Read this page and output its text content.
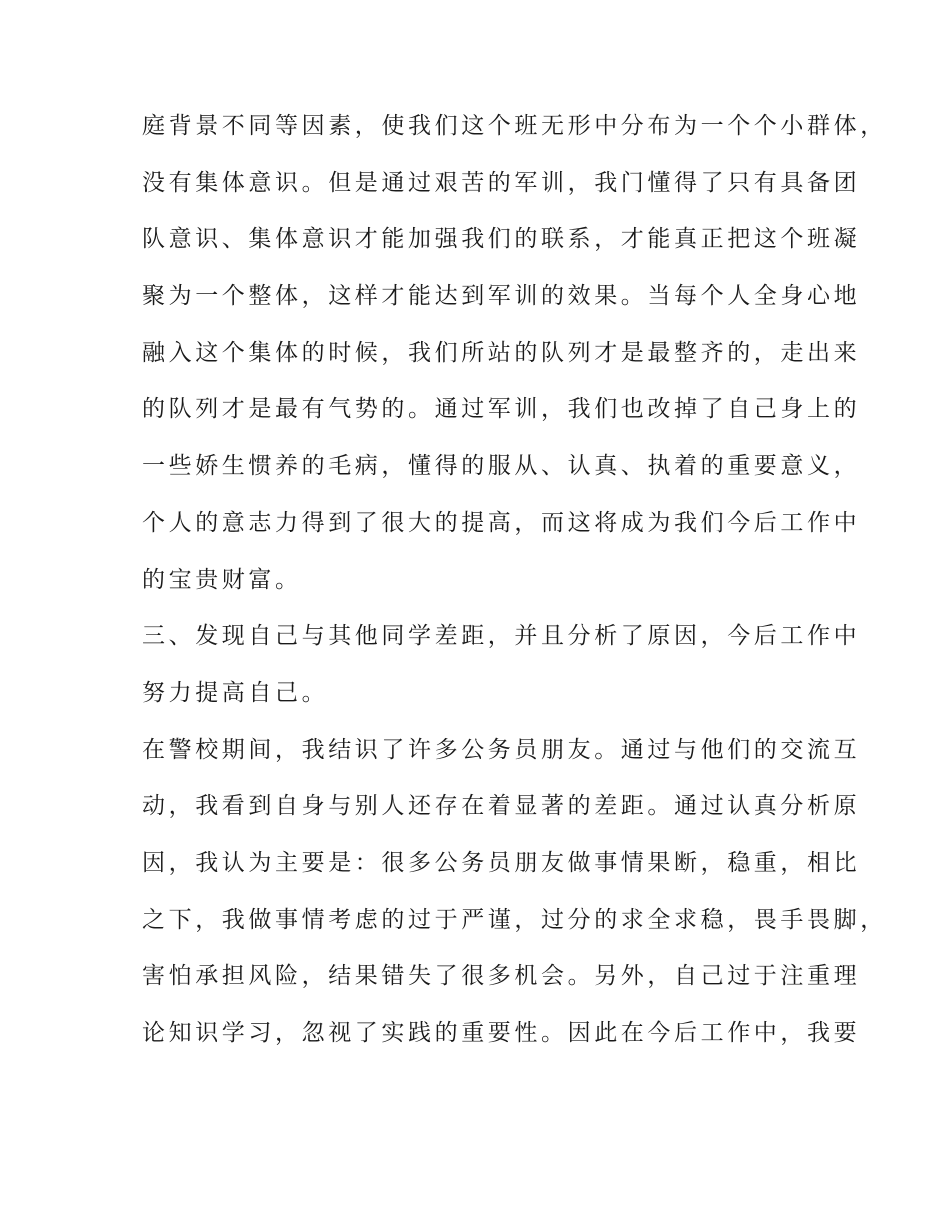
庭背景不同等因素，使我们这个班无形中分布为一个个小群体，
没有集体意识。但是通过艰苦的军训，我门懂得了只有具备团
队意识、集体意识才能加强我们的联系，才能真正把这个班凝
聚为一个整体，这样才能达到军训的效果。当每个人全身心地
融入这个集体的时候，我们所站的队列才是最整齐的，走出来
的队列才是最有气势的。通过军训，我们也改掉了自己身上的
一些娇生惯养的毛病，懂得的服从、认真、执着的重要意义，
个人的意志力得到了很大的提高，而这将成为我们今后工作中
的宝贵财富。
三、发现自己与其他同学差距，并且分析了原因，今后工作中
努力提高自己。
在警校期间，我结识了许多公务员朋友。通过与他们的交流互
动，我看到自身与别人还存在着显著的差距。通过认真分析原
因，我认为主要是：很多公务员朋友做事情果断，稳重，相比
之下，我做事情考虑的过于严谨，过分的求全求稳，畏手畏脚，
害怕承担风险，结果错失了很多机会。另外，自己过于注重理
论知识学习，忽视了实践的重要性。因此在今后工作中，我要
